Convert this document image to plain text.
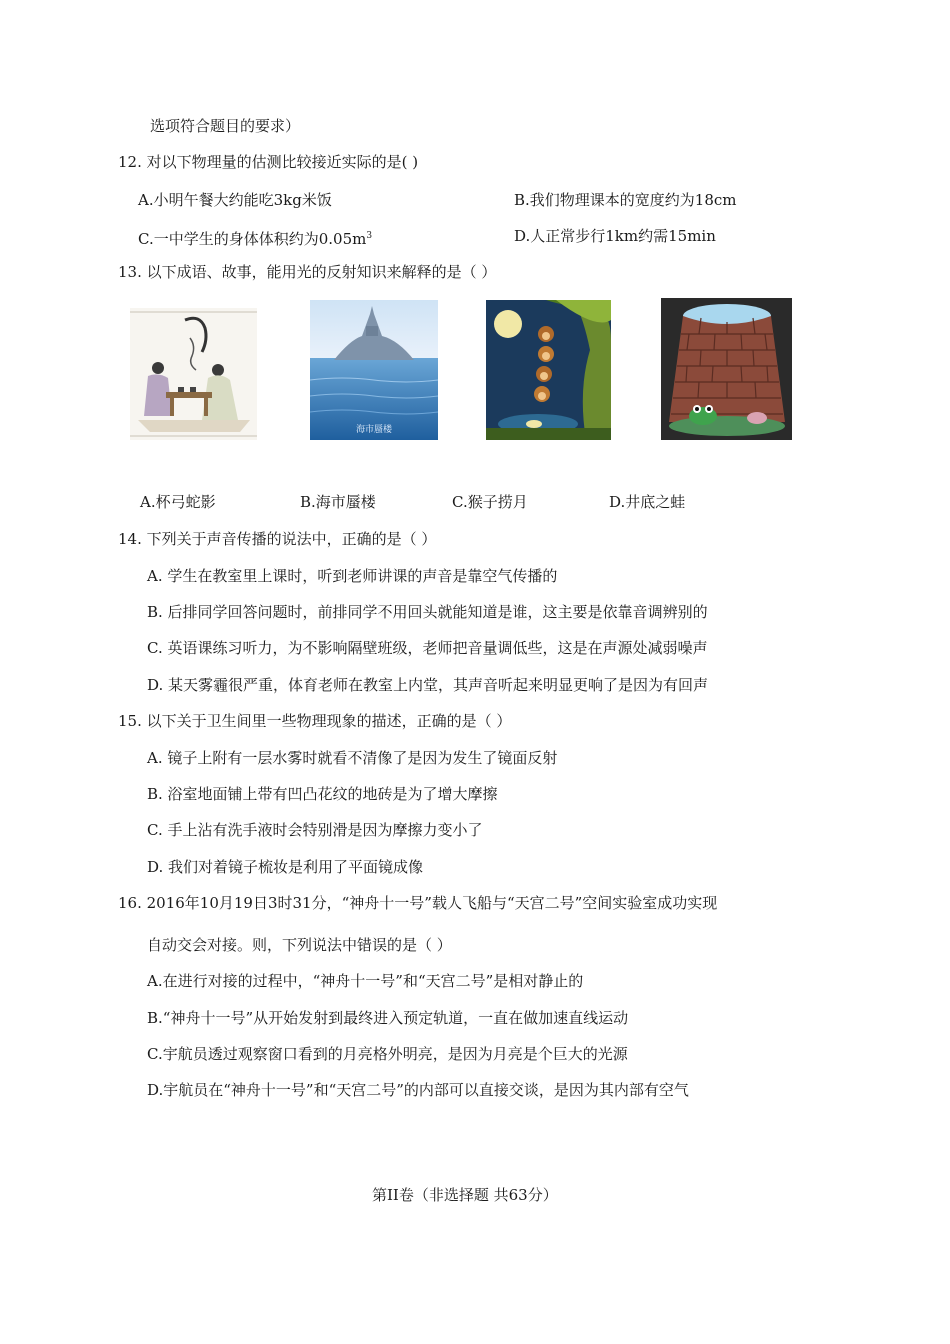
选项符合题目的要求）
12. 对以下物理量的估测比较接近实际的是( )
A.小明午餐大约能吃3kg米饭	B.我们物理课本的宽度约为18cm
C.一中学生的身体体积约为$0.05m^3$	D.人正常步行1km约需15min
13. 以下成语、故事，能用光的反射知识来解释的是（ ）
海市蜃楼
A.杯弓蛇影	B.海市蜃楼	C.猴子捞月	D.井底之蛙
14. 下列关于声音传播的说法中，正确的是（ ）
A. 学生在教室里上课时，听到老师讲课的声音是靠空气传播的
B. 后排同学回答问题时，前排同学不用回头就能知道是谁，这主要是依靠音调辨别的
C. 英语课练习听力，为不影响隔壁班级，老师把音量调低些，这是在声源处减弱噪声
D. 某天雾霾很严重，体育老师在教室上内堂，其声音听起来明显更响了是因为有回声
15. 以下关于卫生间里一些物理现象的描述，正确的是（ ）
A. 镜子上附有一层水雾时就看不清像了是因为发生了镜面反射
B. 浴室地面铺上带有凹凸花纹的地砖是为了增大摩擦
C. 手上沾有洗手液时会特别滑是因为摩擦力变小了
D. 我们对着镜子梳妆是利用了平面镜成像
16. 2016年10月19日3时31分，“神舟十一号”载人飞船与“天宫二号”空间实验室成功实现
自动交会对接。则，下列说法中错误的是（ ）
A.在进行对接的过程中，“神舟十一号”和“天宫二号”是相对静止的
B.“神舟十一号”从开始发射到最终进入预定轨道，一直在做加速直线运动
C.宇航员透过观察窗口看到的月亮格外明亮，是因为月亮是个巨大的光源
D.宇航员在“神舟十一号”和“天宫二号”的内部可以直接交谈，是因为其内部有空气
第II卷（非选择题 共63分）
